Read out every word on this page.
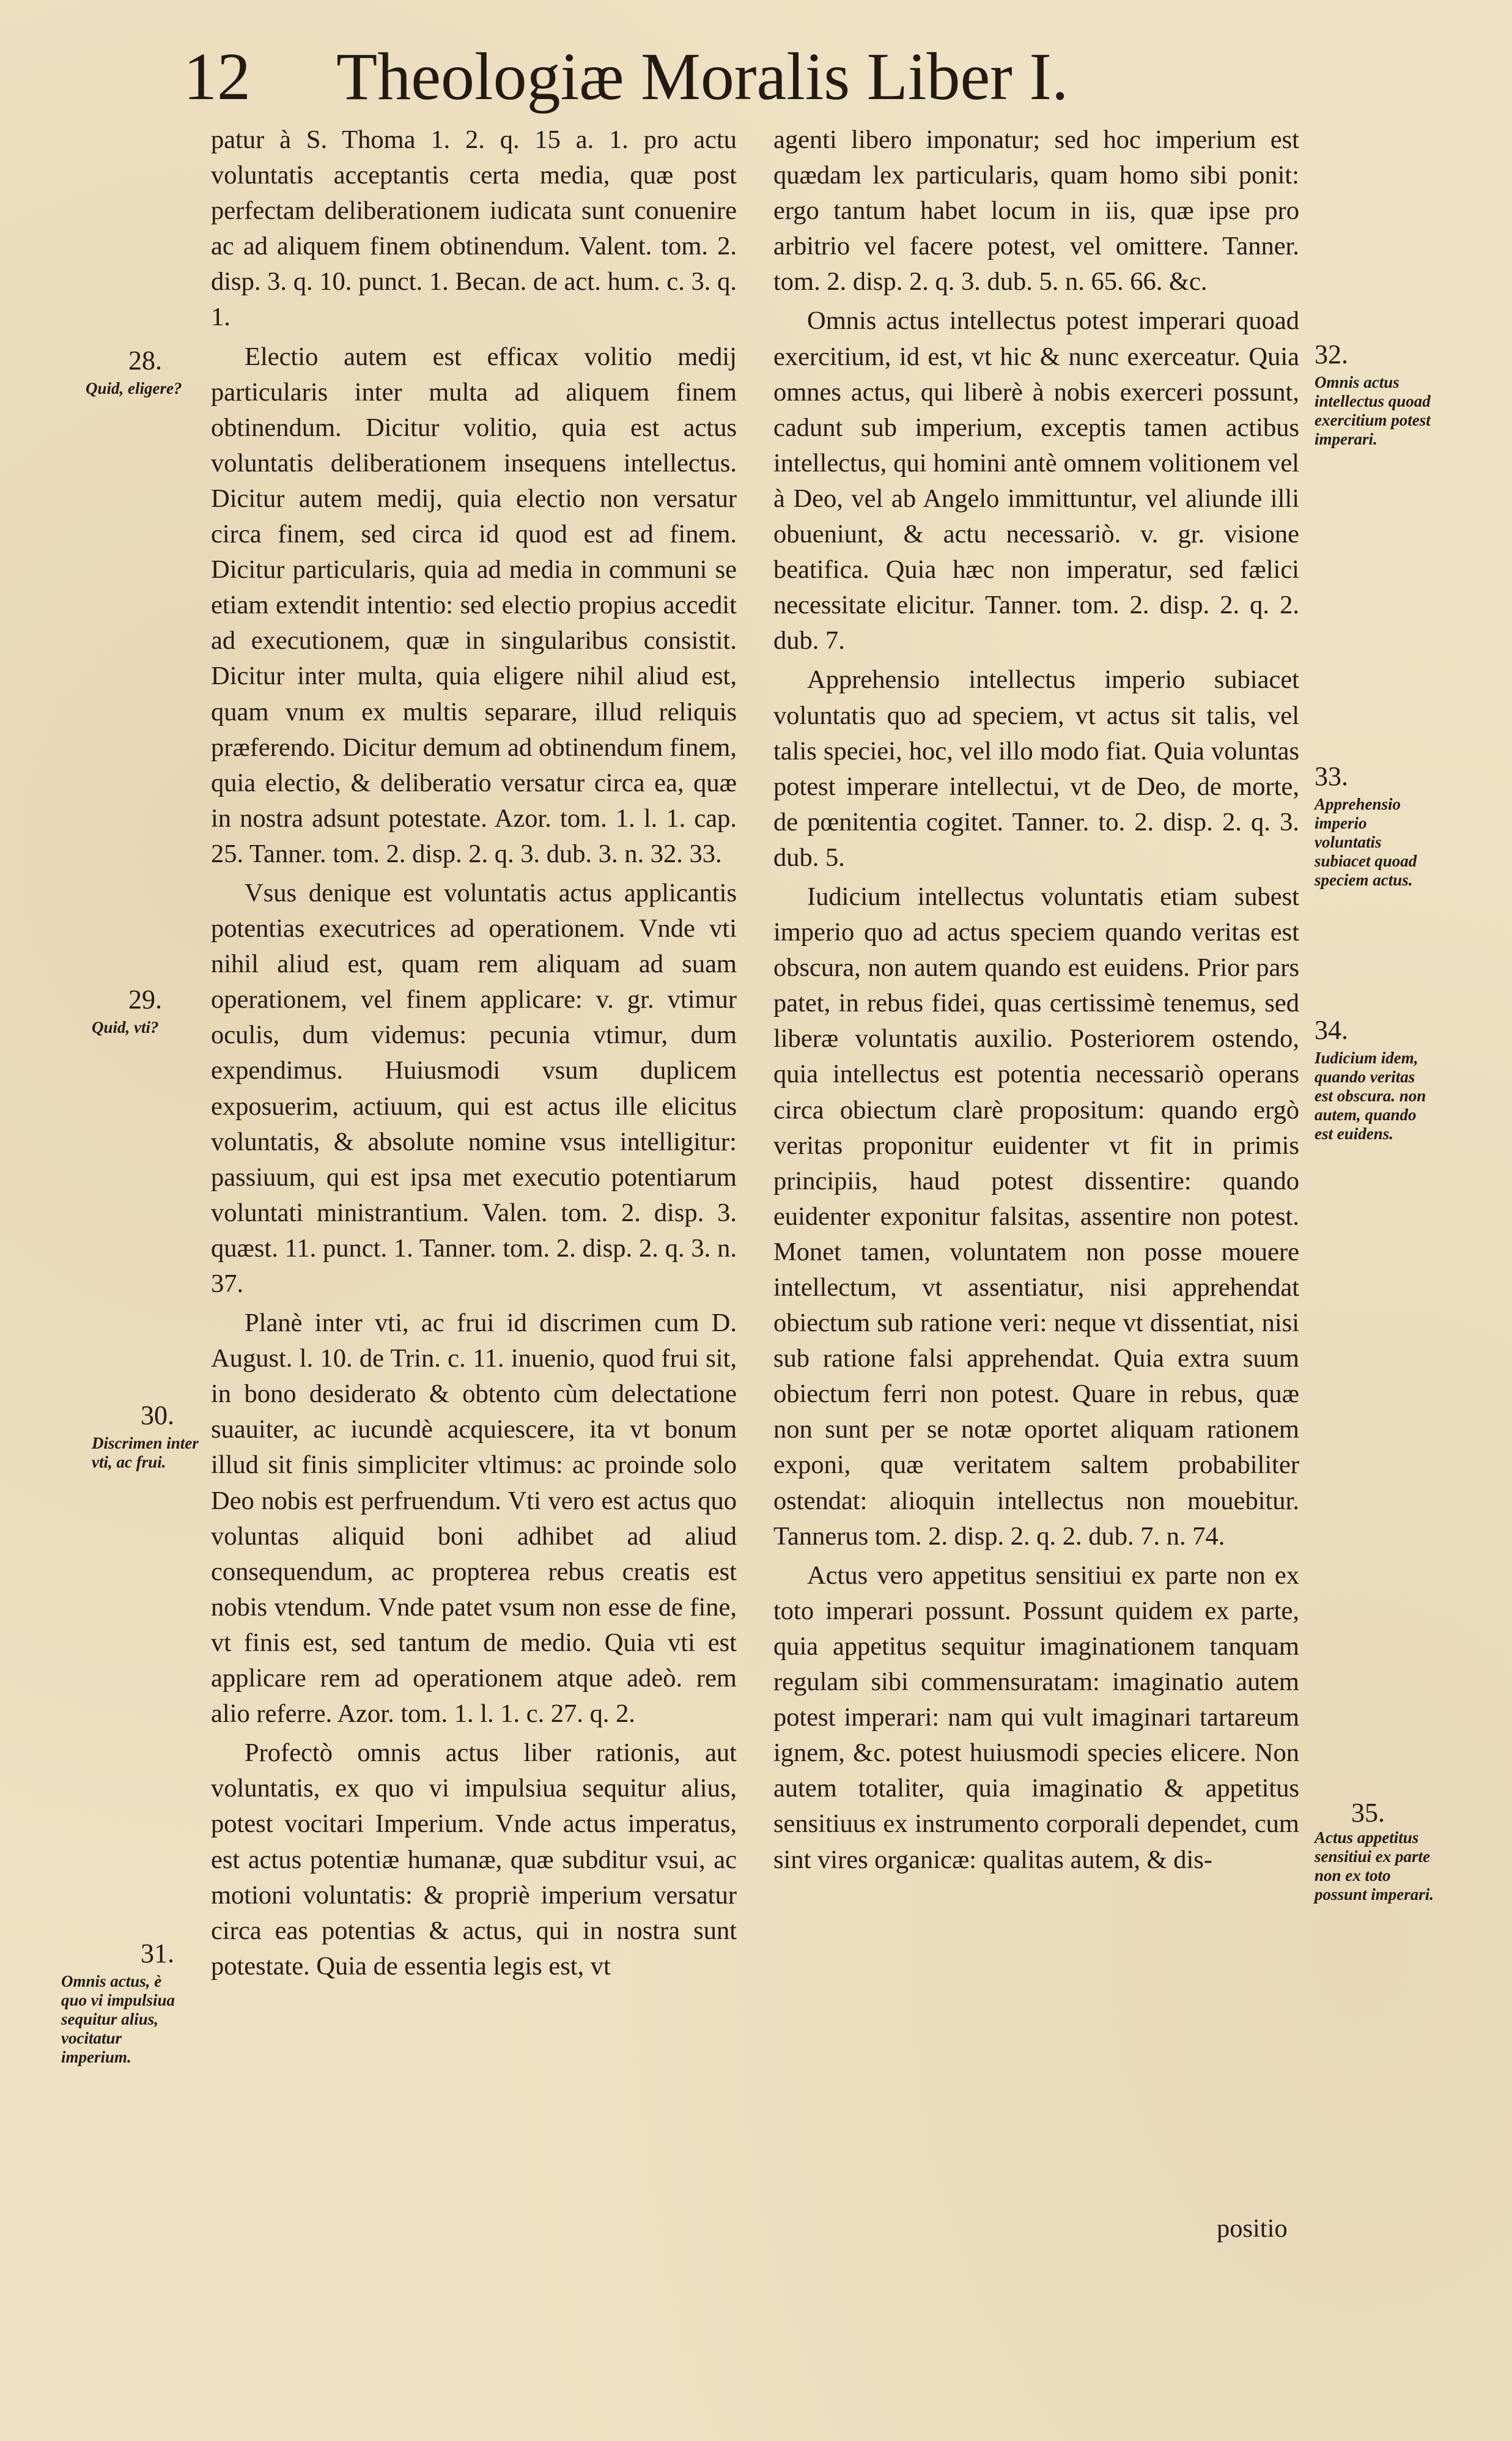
12 Theologiæ Moralis Liber I.

patur à S. Thoma 1. 2. q. 15 a. 1. pro actu voluntatis acceptantis certa media, quæ post perfectam deliberationem iudicata sunt conuenire ac ad aliquem finem obtinendum. Valent. tom. 2. disp. 3. q. 10. punct. 1. Becan. de act. hum. c. 3. q. 1.

Electio autem est efficax volitio medij particularis inter multa ad aliquem finem obtinendum. Dicitur volitio, quia est actus voluntatis deliberationem insequens intellectus. Dicitur autem medij, quia electio non versatur circa finem, sed circa id quod est ad finem. Dicitur particularis, quia ad media in communi se etiam extendit intentio: sed electio propius accedit ad executionem, quæ in singularibus consistit. Dicitur inter multa, quia eligere nihil aliud est, quam vnum ex multis separare, illud reliquis præferendo. Dicitur demum ad obtinendum finem, quia electio, & deliberatio versatur circa ea, quæ in nostra adsunt potestate. Azor. tom. 1. l. 1. cap. 25. Tanner. tom. 2. disp. 2. q. 3. dub. 3. n. 32. 33.

Vsus denique est voluntatis actus applicantis potentias executrices ad operationem. Vnde vti nihil aliud est, quam rem aliquam ad suam operationem, vel finem applicare: v. gr. vtimur oculis, dum videmus: pecunia vtimur, dum expendimus. Huiusmodi vsum duplicem exposuerim, actiuum, qui est actus ille elicitus voluntatis, & absolute nomine vsus intelligitur: passiuum, qui est ipsa met executio potentiarum voluntati ministrantium. Valen. tom. 2. disp. 3. quæst. 11. punct. 1. Tanner. tom. 2. disp. 2. q. 3. n. 37.

Planè inter vti, ac frui id discrimen cum D. August. l. 10. de Trin. c. 11. inuenio, quod frui sit, in bono desiderato & obtento cùm delectatione suauiter, ac iucundè acquiescere, ita vt bonum illud sit finis simpliciter vltimus: ac proinde solo Deo nobis est perfruendum. Vti vero est actus quo voluntas aliquid boni adhibet ad aliud consequendum, ac propterea rebus creatis est nobis vtendum. Vnde patet vsum non esse de fine, vt finis est, sed tantum de medio. Quia vti est applicare rem ad operationem atque adeò. rem alio referre. Azor. tom. 1. l. 1. c. 27. q. 2.

Profectò omnis actus liber rationis, aut voluntatis, ex quo vi impulsiua sequitur alius, potest vocitari Imperium. Vnde actus imperatus, est actus potentiæ humanæ, quæ subditur vsui, ac motioni voluntatis: & propriè imperium versatur circa eas potentias & actus, qui in nostra sunt potestate. Quia de essentia legis est, vt

agenti libero imponatur; sed hoc imperium est quædam lex particularis, quam homo sibi ponit: ergo tantum habet locum in iis, quæ ipse pro arbitrio vel facere potest, vel omittere. Tanner. tom. 2. disp. 2. q. 3. dub. 5. n. 65. 66. &c.

Omnis actus intellectus potest imperari quoad exercitium, id est, vt hic & nunc exerceatur. Quia omnes actus, qui liberè à nobis exerceri possunt, cadunt sub imperium, exceptis tamen actibus intellectus, qui homini antè omnem volitionem vel à Deo, vel ab Angelo immittuntur, vel aliunde illi obueniunt, & actu necessariò. v. gr. visione beatifica. Quia hæc non imperatur, sed fælici necessitate elicitur. Tanner. tom. 2. disp. 2. q. 2. dub. 7.

Apprehensio intellectus imperio subiacet voluntatis quo ad speciem, vt actus sit talis, vel talis speciei, hoc, vel illo modo fiat. Quia voluntas potest imperare intellectui, vt de Deo, de morte, de pœnitentia cogitet. Tanner. to. 2. disp. 2. q. 3. dub. 5.

Iudicium intellectus voluntatis etiam subest imperio quo ad actus speciem quando veritas est obscura, non autem quando est euidens. Prior pars patet, in rebus fidei, quas certissimè tenemus, sed liberæ voluntatis auxilio. Posteriorem ostendo, quia intellectus est potentia necessariò operans circa obiectum clarè propositum: quando ergò veritas proponitur euidenter vt fit in primis principiis, haud potest dissentire: quando euidenter exponitur falsitas, assentire non potest. Monet tamen, voluntatem non posse mouere intellectum, vt assentiatur, nisi apprehendat obiectum sub ratione veri: neque vt dissentiat, nisi sub ratione falsi apprehendat. Quia extra suum obiectum ferri non potest. Quare in rebus, quæ non sunt per se notæ oportet aliquam rationem exponi, quæ veritatem saltem probabiliter ostendat: alioquin intellectus non mouebitur. Tannerus tom. 2. disp. 2. q. 2. dub. 7. n. 74.

Actus vero appetitus sensitiui ex parte non ex toto imperari possunt. Possunt quidem ex parte, quia appetitus sequitur imaginationem tanquam regulam sibi commensuratam: imaginatio autem potest imperari: nam qui vult imaginari tartareum ignem, &c. potest huiusmodi species elicere. Non autem totaliter, quia imaginatio & appetitus sensitiuus ex instrumento corporali dependet, cum sint vires organicæ: qualitas autem, & dis-

positio
28.
Quid, eligere?
29.
Quid, vti?
30.
Discrimen inter vti, ac frui.
31.
Omnis actus, è quo vi impulsiua sequitur alius, vocitatur imperium.
32.
Omnis actus intellectus quoad exercitium potest imperari.
33.
Apprehensio imperio voluntatis subiacet quoad speciem actus.
34.
Iudicium idem, quando veritas est obscura. non autem, quando est euidens.
35.
Actus appetitus sensitiui ex parte non ex toto possunt imperari.
